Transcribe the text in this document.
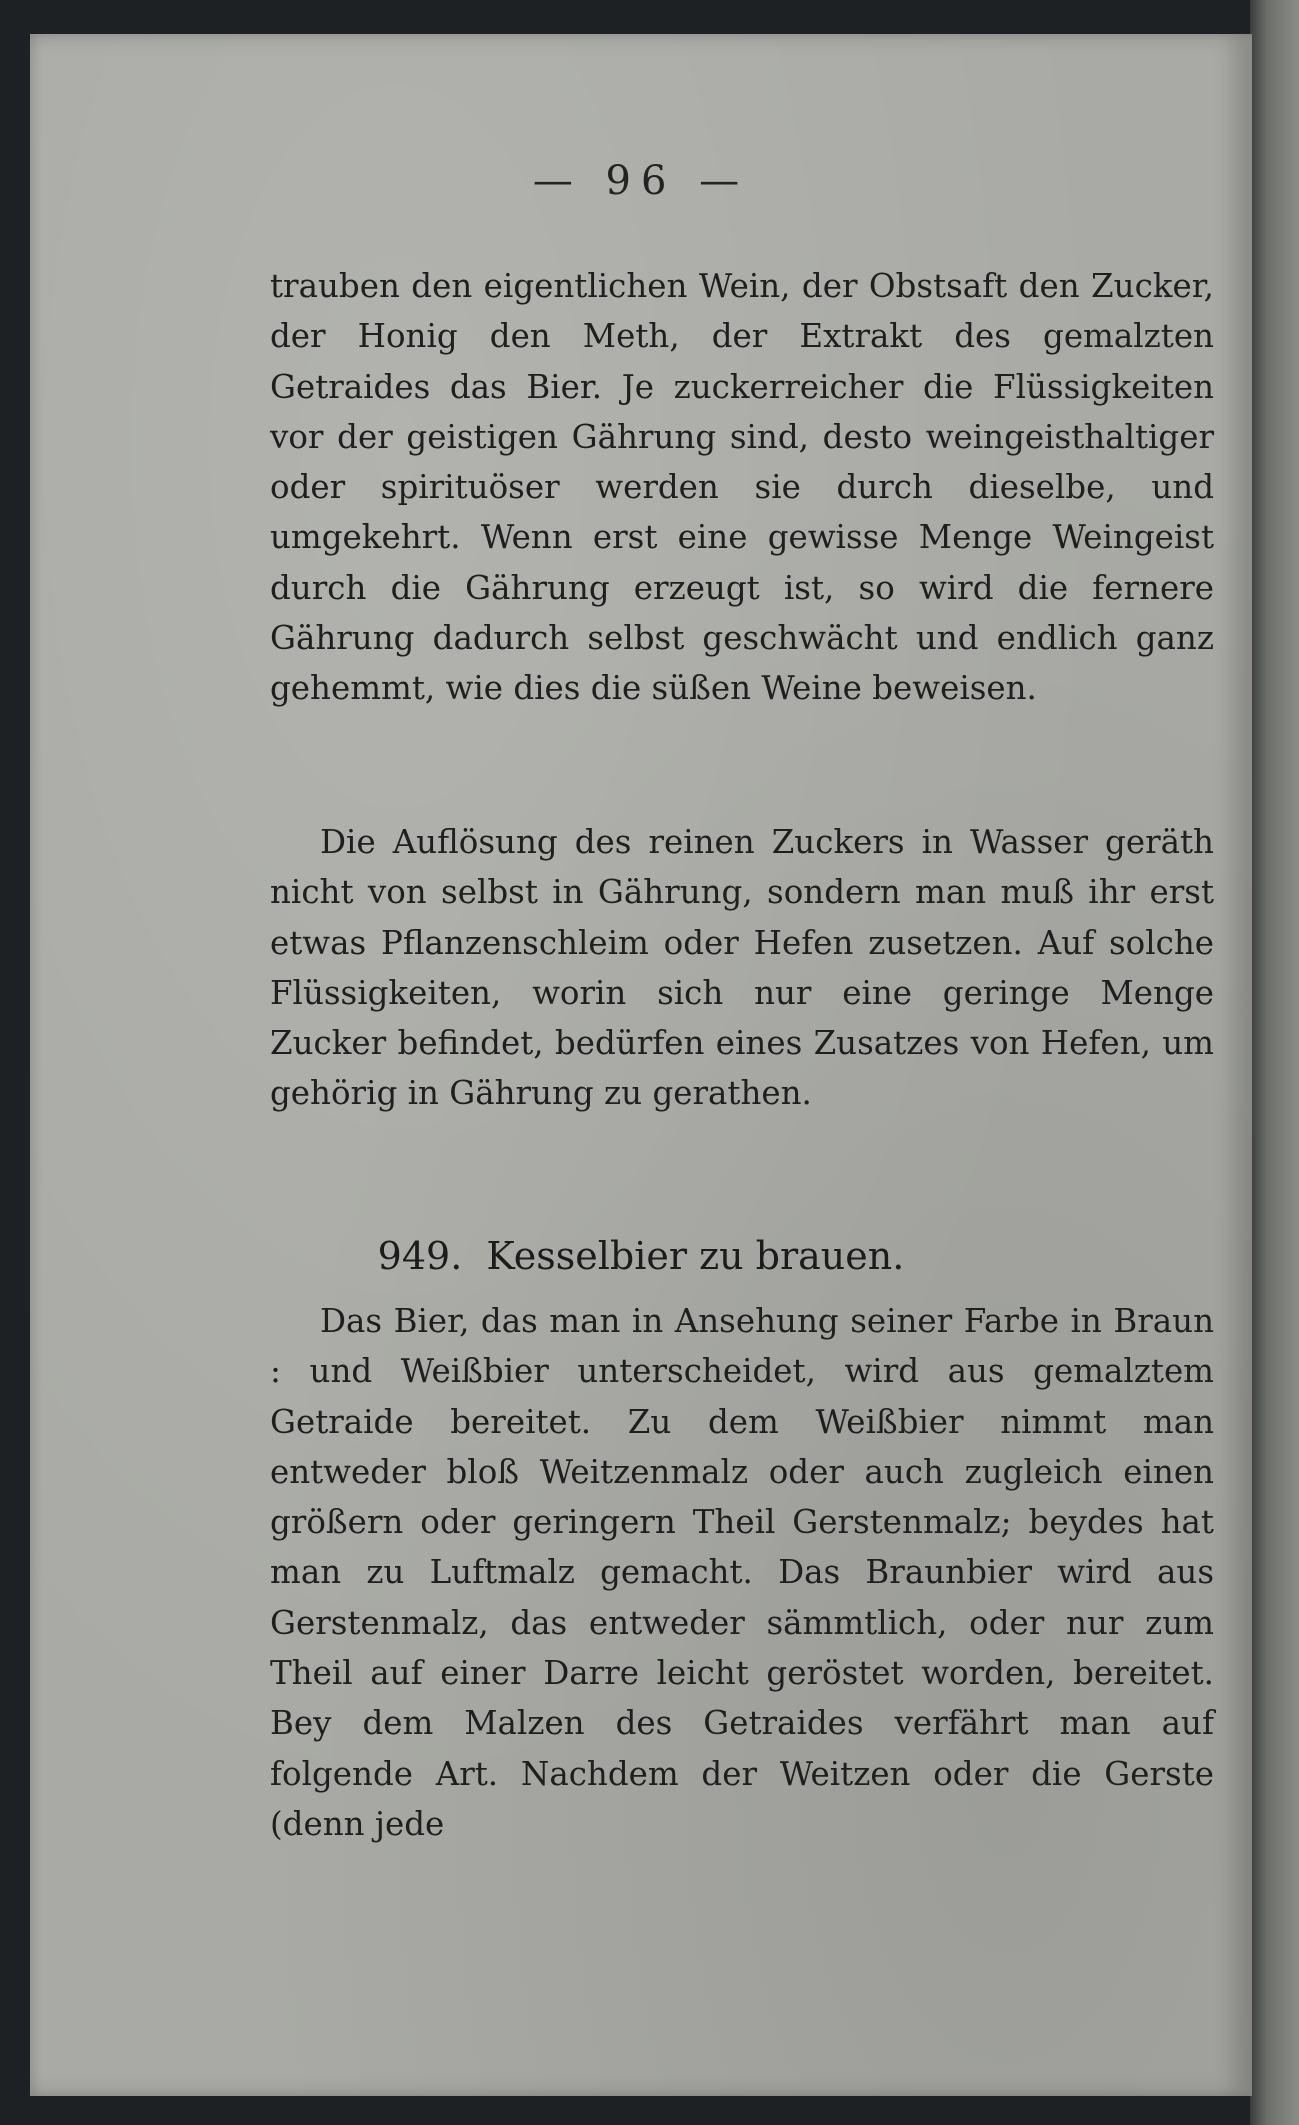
— 96 —

trauben den eigentlichen Wein, der Obstsaft den Zucker, der Honig den Meth, der Extrakt des gemalzten Getraides das Bier. Je zuckerreicher die Flüssigkeiten vor der geistigen Gährung sind, desto weingeisthaltiger oder spirituöser werden sie durch dieselbe, und umgekehrt. Wenn erst eine gewisse Menge Weingeist durch die Gährung erzeugt ist, so wird die fernere Gährung dadurch selbst geschwächt und endlich ganz gehemmt, wie dies die süßen Weine beweisen.

Die Auflösung des reinen Zuckers in Wasser geräth nicht von selbst in Gährung, sondern man muß ihr erst etwas Pflanzenschleim oder Hefen zusetzen. Auf solche Flüssigkeiten, worin sich nur eine geringe Menge Zucker befindet, bedürfen eines Zusatzes von Hefen, um gehörig in Gährung zu gerathen.

949. Kesselbier zu brauen.

Das Bier, das man in Ansehung seiner Farbe in Braun : und Weißbier unterscheidet, wird aus gemalztem Getraide bereitet. Zu dem Weißbier nimmt man entweder bloß Weitzenmalz oder auch zugleich einen größern oder geringern Theil Gerstenmalz; beydes hat man zu Luftmalz gemacht. Das Braunbier wird aus Gerstenmalz, das entweder sämmtlich, oder nur zum Theil auf einer Darre leicht geröstet worden, bereitet. Bey dem Malzen des Getraides verfährt man auf folgende Art. Nachdem der Weitzen oder die Gerste (denn jede
